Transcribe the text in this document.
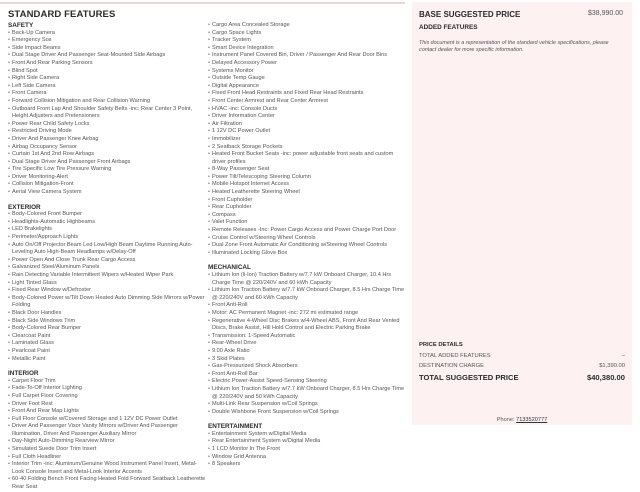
STANDARD FEATURES
SAFETY
• Back-Up Camera
• Emergency Sos
• Side Impact Beams
• Dual Stage Driver And Passenger Seat-Mounted Side Airbags
• Front And Rear Parking Sensors
• Blind Spot
• Right Side Camera
• Left Side Camera
• Front Camera
• Forward Collision Mitigation and Rear Collision Warning
• Outboard Front Lap And Shoulder Safety Belts -inc: Rear Center 3 Point, Height Adjusters and Pretensioners
• Power Rear Child Safety Locks
• Restricted Driving Mode
• Driver And Passenger Knee Airbag
• Airbag Occupancy Sensor
• Curtain 1st And 2nd Row Airbags
• Dual Stage Driver And Passenger Front Airbags
• Tire Specific Low Tire Pressure Warning
• Driver Monitoring-Alert
• Collision Mitigation-Front
• Aerial View Camera System
EXTERIOR
• Body-Colored Front Bumper
• Headlights-Automatic Highbeams
• LED Brakelights
• Perimeter/Approach Lights
• Auto On/Off Projector Beam Led Low/High Beam Daytime Running Auto-Leveling Auto High-Beam Headlamps w/Delay-Off
• Power Open And Close Trunk Rear Cargo Access
• Galvanized Steel/Aluminum Panels
• Rain Detecting Variable Intermittent Wipers w/Heated Wiper Park
• Light Tinted Glass
• Fixed Rear Window w/Defroster
• Body-Colored Power w/Tilt Down Heated Auto Dimming Side Mirrors w/Power Folding
• Black Door Handles
• Black Side Windows Trim
• Body-Colored Rear Bumper
• Clearcoat Paint
• Laminated Glass
• Pearlcoat Paint
• Metallic Paint
INTERIOR
• Carpet Floor Trim
• Fade-To-Off Interior Lighting
• Full Carpet Floor Covering
• Driver Foot Rest
• Front And Rear Map Lights
• Full Floor Console w/Covered Storage and 1 12V DC Power Outlet
• Driver And Passenger Visor Vanity Mirrors w/Driver And Passenger Illumination, Driver And Passenger Auxiliary Mirror
• Day-Night Auto-Dimming Rearview Mirror
• Simulated Suede Door Trim Insert
• Full Cloth Headliner
• Interior Trim -inc: Aluminum/Genuine Wood Instrument Panel Insert, Metal-Look Console Insert and Metal-Look Interior Accents
• 60-40 Folding Bench Front Facing Heated Fold Forward Seatback Leatherette Rear Seat
• Cargo Area Concealed Storage
• Cargo Space Lights
• Tracker System
• Smart Device Integration
• Instrument Panel Covered Bin, Driver / Passenger And Rear Door Bins
• Delayed Accessory Power
• Systems Monitor
• Outside Temp Gauge
• Digital Appearance
• Fixed Front Head Restraints and Fixed Rear Head Restraints
• Front Center Armrest and Rear Center Armrest
• HVAC -inc: Console Ducts
• Driver Information Center
• Air Filtration
• 1 12V DC Power Outlet
• Immobilizer
• 2 Seatback Storage Pockets
• Heated Front Bucket Seats -inc: power adjustable front seats and custom driver profiles
• 8-Way Passenger Seat
• Power Tilt/Telescoping Steering Column
• Mobile Hotspot Internet Access
• Heated Leatherette Steering Wheel
• Front Cupholder
• Rear Cupholder
• Compass
• Valet Function
• Remote Releases -Inc: Power Cargo Access and Power Charge Port Door
• Cruise Control w/Steering Wheel Controls
• Dual Zone Front Automatic Air Conditioning w/Steering Wheel Controls
• Illuminated Locking Glove Box
MECHANICAL
• Lithium Ion (li-Ion) Traction Battery w/7.7 kW Onboard Charger, 10.4 Hrs Charge Time @ 220/240V and 60 kWh Capacity
• Lithium Ion Traction Battery w/7.7 kW Onboard Charger, 8.5 Hrs Charge Time @ 220/240V and 60 kWh Capacity
• Front Anti-Roll
• Motor: AC Permanent Magnet -inc: 272 mi estimated range
• Regenerative 4-Wheel Disc Brakes w/4-Wheel ABS, Front And Rear Vented Discs, Brake Assist, Hill Hold Control and Electric Parking Brake
• Transmission: 1-Speed Automatic
• Rear-Wheel Drive
• 9.00 Axle Ratio
• 3 Skid Plates
• Gas-Pressurized Shock Absorbers
• Front Anti-Roll Bar
• Electric Power-Assist Speed-Sensing Steering
• Lithium Ion Traction Battery w/7.7 kW Onboard Charger, 8.5 Hrs Charge Time @ 220/240V and 50 kWh Capacity
• Multi-Link Rear Suspension w/Coil Springs
• Double Wishbone Front Suspension w/Coil Springs
ENTERTAINMENT
• Entertainment System w/Digital Media
• Rear Entertainment System w/Digital Media
• 1 LCD Monitor In The Front
• Window Grid Antenna
• 8 Speakers
BASE SUGGESTED PRICE	$38,990.00
ADDED FEATURES
This document is a representation of the standard vehicle specifications, please contact dealer for more specific information.
PRICE DETAILS
TOTAL ADDED FEATURES	–
DESTINATION CHARGE	$1,390.00
TOTAL SUGGESTED PRICE	$40,380.00
Phone: 7133520777
